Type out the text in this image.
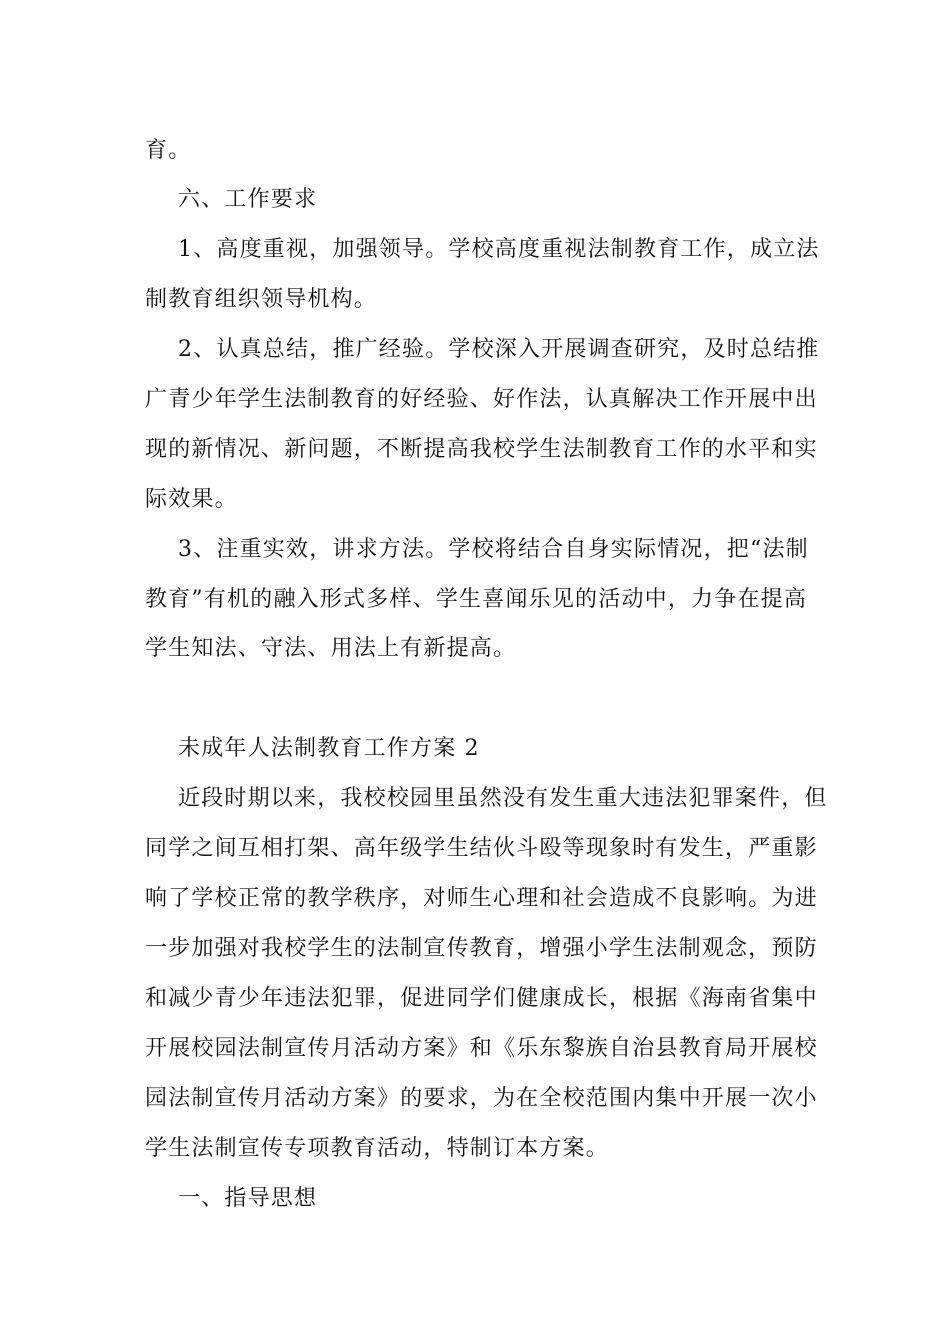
育。
六、工作要求
1、高度重视，加强领导。学校高度重视法制教育工作，成立法
制教育组织领导机构。
2、认真总结，推广经验。学校深入开展调查研究，及时总结推
广青少年学生法制教育的好经验、好作法，认真解决工作开展中出
现的新情况、新问题，不断提高我校学生法制教育工作的水平和实
际效果。
3、注重实效，讲求方法。学校将结合自身实际情况，把“法制
教育”有机的融入形式多样、学生喜闻乐见的活动中，力争在提高
学生知法、守法、用法上有新提高。
未成年人法制教育工作方案 2
近段时期以来，我校校园里虽然没有发生重大违法犯罪案件，但
同学之间互相打架、高年级学生结伙斗殴等现象时有发生，严重影
响了学校正常的教学秩序，对师生心理和社会造成不良影响。为进
一步加强对我校学生的法制宣传教育，增强小学生法制观念，预防
和减少青少年违法犯罪，促进同学们健康成长，根据《海南省集中
开展校园法制宣传月活动方案》和《乐东黎族自治县教育局开展校
园法制宣传月活动方案》的要求，为在全校范围内集中开展一次小
学生法制宣传专项教育活动，特制订本方案。
一、指导思想
